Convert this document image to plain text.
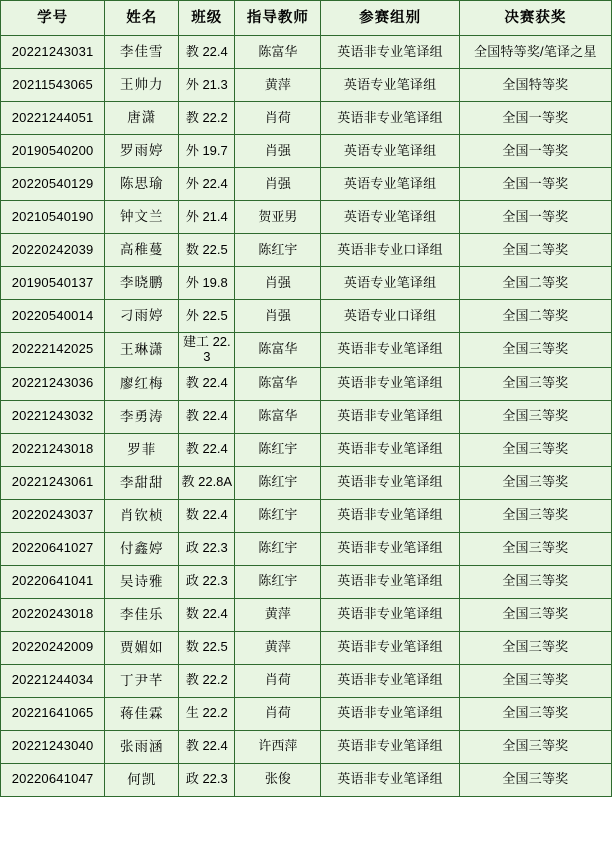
学号	姓名	班级	指导教师	参赛组别	决赛获奖
20221243031	李佳雪	教 22.4	陈富华	英语非专业笔译组	全国特等奖/笔译之星
20211543065	王帅力	外 21.3	黄萍	英语专业笔译组	全国特等奖
20221244051	唐潇	教 22.2	肖荷	英语非专业笔译组	全国一等奖
20190540200	罗雨婷	外 19.7	肖强	英语专业笔译组	全国一等奖
20220540129	陈思瑜	外 22.4	肖强	英语专业笔译组	全国一等奖
20210540190	钟文兰	外 21.4	贺亚男	英语专业笔译组	全国一等奖
20220242039	高稚蔓	数 22.5	陈红宇	英语非专业口译组	全国二等奖
20190540137	李晓鹏	外 19.8	肖强	英语专业笔译组	全国二等奖
20220540014	刁雨婷	外 22.5	肖强	英语专业口译组	全国二等奖
20222142025	王琳潇	建工 22.3	陈富华	英语非专业笔译组	全国三等奖
20221243036	廖红梅	教 22.4	陈富华	英语非专业笔译组	全国三等奖
20221243032	李勇涛	教 22.4	陈富华	英语非专业笔译组	全国三等奖
20221243018	罗菲	教 22.4	陈红宇	英语非专业笔译组	全国三等奖
20221243061	李甜甜	教 22.8A	陈红宇	英语非专业笔译组	全国三等奖
20220243037	肖钦桢	数 22.4	陈红宇	英语非专业笔译组	全国三等奖
20220641027	付鑫婷	政 22.3	陈红宇	英语非专业笔译组	全国三等奖
20220641041	吴诗雅	政 22.3	陈红宇	英语非专业笔译组	全国三等奖
20220243018	李佳乐	数 22.4	黄萍	英语非专业笔译组	全国三等奖
20220242009	贾媚如	数 22.5	黄萍	英语非专业笔译组	全国三等奖
20221244034	丁尹芊	教 22.2	肖荷	英语非专业笔译组	全国三等奖
20221641065	蒋佳霖	生 22.2	肖荷	英语非专业笔译组	全国三等奖
20221243040	张雨涵	教 22.4	许西萍	英语非专业笔译组	全国三等奖
20220641047	何凯	政 22.3	张俊	英语非专业笔译组	全国三等奖
